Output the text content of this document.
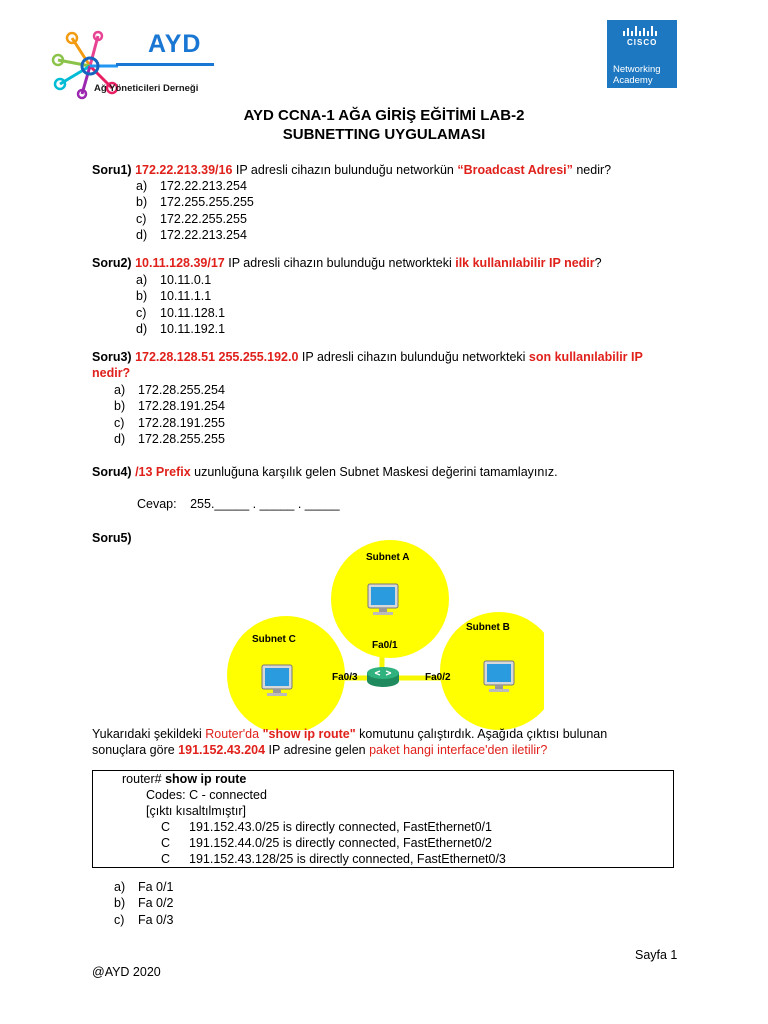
AYD
Ağ Yöneticileri Derneği
CISCO
Networking
Academy
AYD CCNA-1 AĞA GİRİŞ EĞİTİMİ LAB-2
SUBNETTING UYGULAMASI
Soru1) 172.22.213.39/16 IP adresli cihazın bulunduğu networkün “Broadcast Adresi” nedir?
a) 172.22.213.254
b) 172.255.255.255
c) 172.22.255.255
d) 172.22.213.254
Soru2) 10.11.128.39/17 IP adresli cihazın bulunduğu networkteki ilk kullanılabilir IP nedir?
a) 10.11.0.1
b) 10.11.1.1
c) 10.11.128.1
d) 10.11.192.1
Soru3) 172.28.128.51 255.255.192.0 IP adresli cihazın bulunduğu networkteki son kullanılabilir IP
nedir?
a) 172.28.255.254
b) 172.28.191.254
c) 172.28.191.255
d) 172.28.255.255
Soru4) /13 Prefix uzunluğuna karşılık gelen Subnet Maskesi değerini tamamlayınız.
Cevap: 255._____ . _____ . _____
Soru5)
Subnet A
Subnet C
Subnet B
Fa0/1
Fa0/3	Fa0/2
Yukarıdaki şekildeki Router'da "show ip route" komutunu çalıştırdık. Aşağıda çıktısı bulunan
sonuçlara göre 191.152.43.204 IP adresine gelen paket hangi interface'den iletilir?
router# show ip route
Codes: C - connected
[çıktı kısaltılmıştır]
C 191.152.43.0/25 is directly connected, FastEthernet0/1
C 191.152.44.0/25 is directly connected, FastEthernet0/2
C 191.152.43.128/25 is directly connected, FastEthernet0/3
a) Fa 0/1
b) Fa 0/2
c) Fa 0/3
Sayfa 1
@AYD 2020
